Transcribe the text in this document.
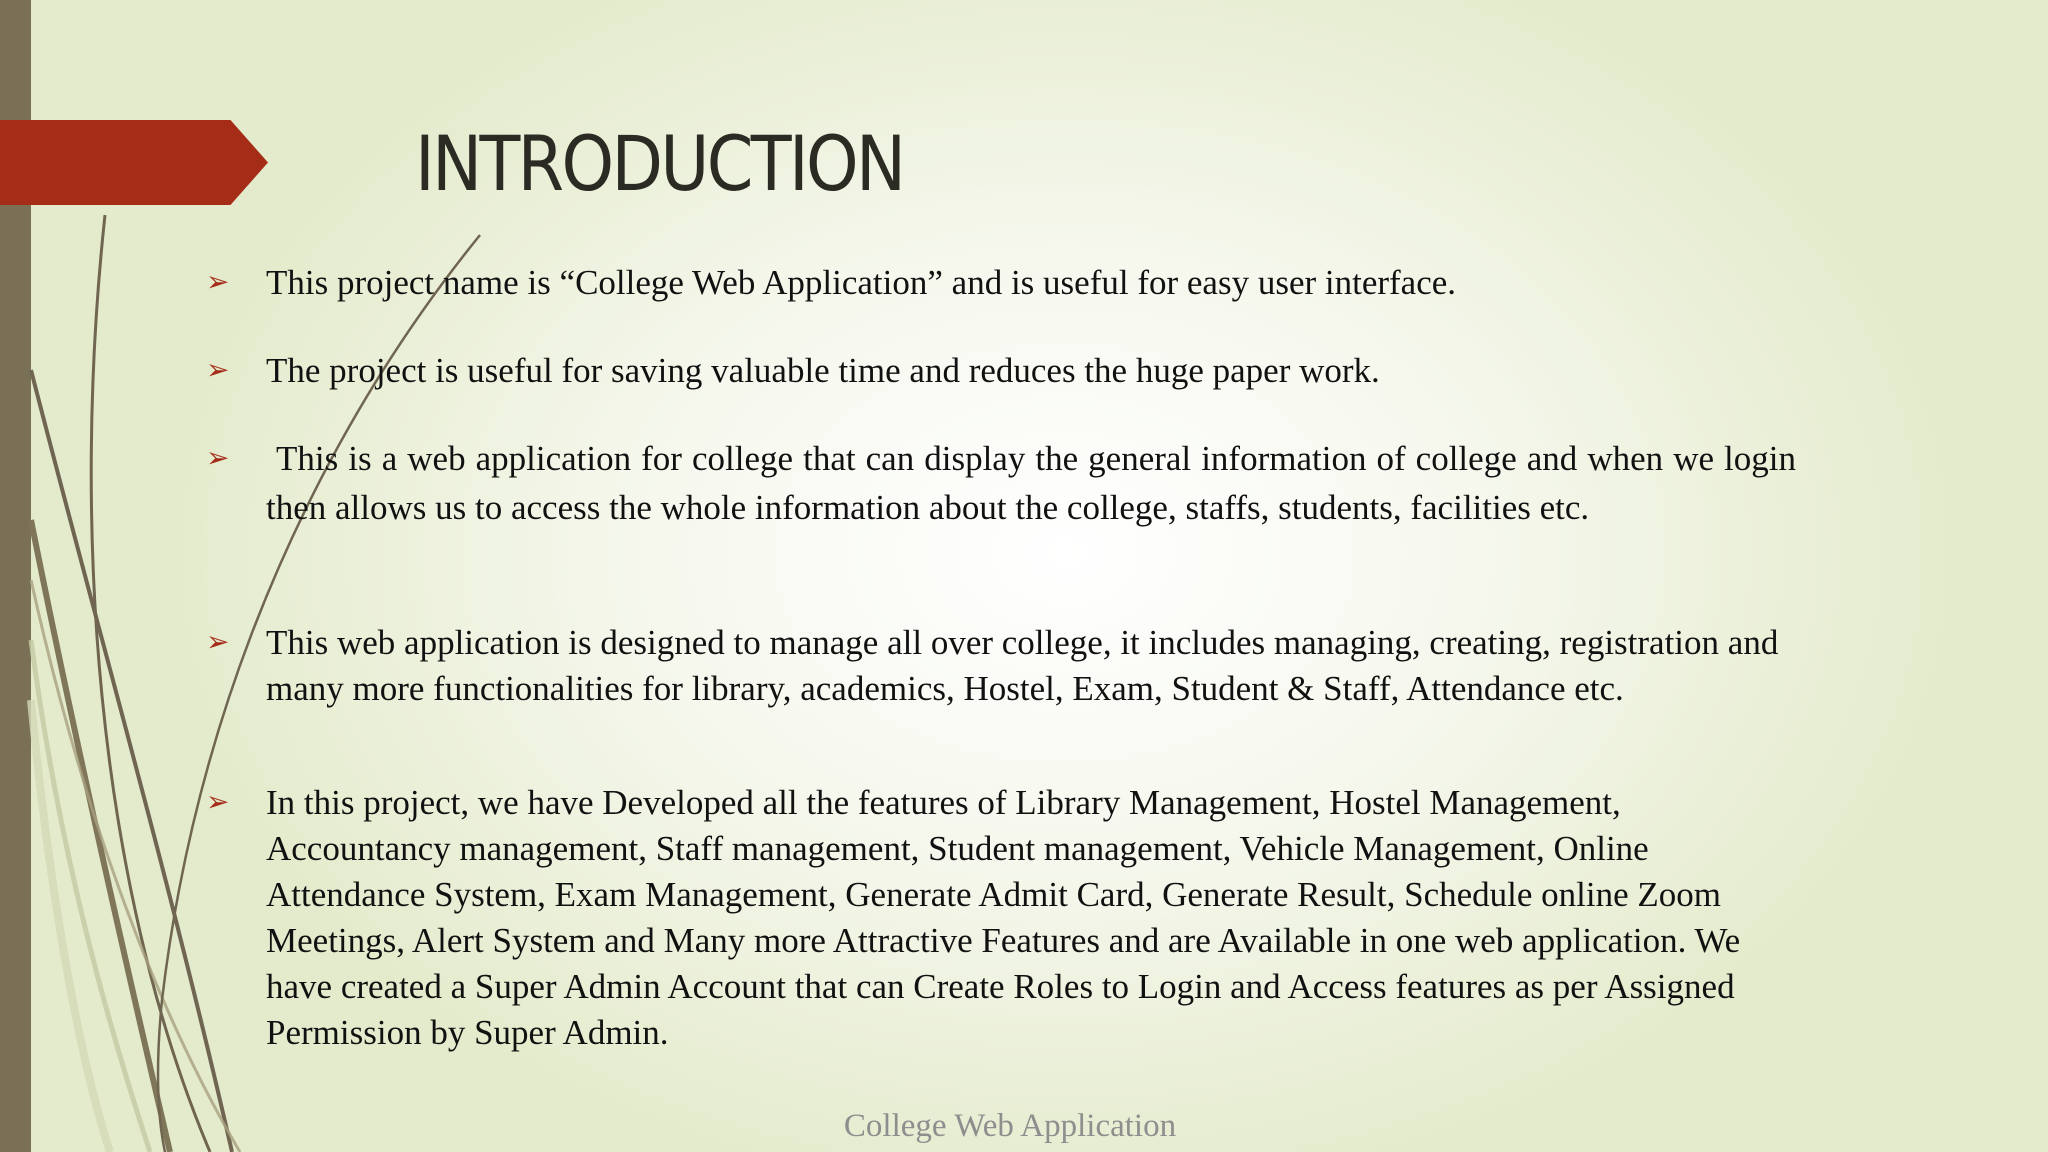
INTRODUCTION
➢ This project name is “College Web Application” and is useful for easy user interface.
➢ The project is useful for saving valuable time and reduces the huge paper work.
➢ This is a web application for college that can display the general information of college and when we login then allows us to access the whole information about the college, staffs, students, facilities etc.
➢ This web application is designed to manage all over college, it includes managing, creating, registration and many more functionalities for library, academics, Hostel, Exam, Student & Staff, Attendance etc.
➢ In this project, we have Developed all the features of Library Management, Hostel Management, Accountancy management, Staff management, Student management, Vehicle Management, Online Attendance System, Exam Management, Generate Admit Card, Generate Result, Schedule online Zoom Meetings, Alert System and Many more Attractive Features and are Available in one web application. We have created a Super Admin Account that can Create Roles to Login and Access features as per Assigned Permission by Super Admin.
College Web Application
